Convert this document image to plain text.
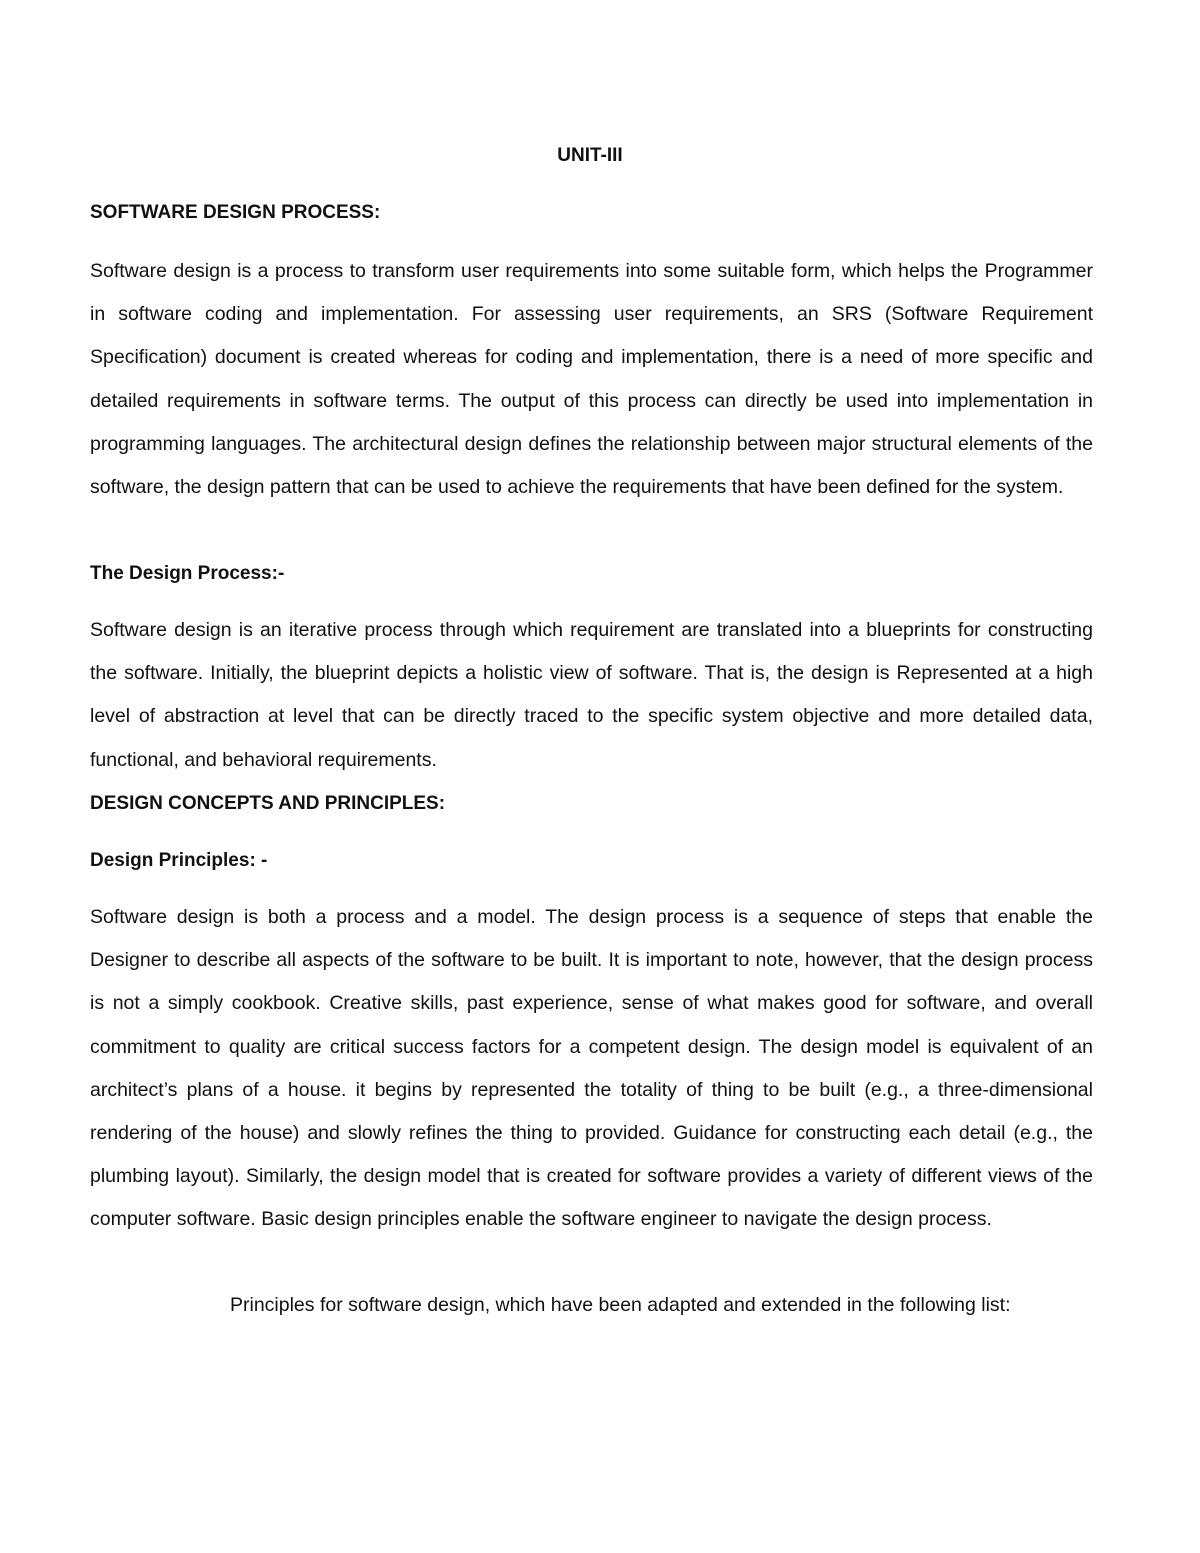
UNIT-III
SOFTWARE DESIGN PROCESS:

Software design is a process to transform user requirements into some suitable form, which helps the Programmer in software coding and implementation. For assessing user requirements, an SRS (Software Requirement Specification) document is created whereas for coding and implementation, there is a need of more specific and detailed requirements in software terms. The output of this process can directly be used into implementation in programming languages. The architectural design defines the relationship between major structural elements of the software, the design pattern that can be used to achieve the requirements that have been defined for the system.

The Design Process:-

Software design is an iterative process through which requirement are translated into a blueprints for constructing the software. Initially, the blueprint depicts a holistic view of software. That is, the design is Represented at a high level of abstraction at level that can be directly traced to the specific system objective and more detailed data, functional, and behavioral requirements.

DESIGN CONCEPTS AND PRINCIPLES:
Design Principles: -

Software design is both a process and a model. The design process is a sequence of steps that enable the Designer to describe all aspects of the software to be built. It is important to note, however, that the design process is not a simply cookbook. Creative skills, past experience, sense of what makes good for software, and overall commitment to quality are critical success factors for a competent design. The design model is equivalent of an architect’s plans of a house. it begins by represented the totality of thing to be built (e.g., a three-dimensional rendering of the house) and slowly refines the thing to provided. Guidance for constructing each detail (e.g., the plumbing layout). Similarly, the design model that is created for software provides a variety of different views of the computer software. Basic design principles enable the software engineer to navigate the design process.

Principles for software design, which have been adapted and extended in the following list:
